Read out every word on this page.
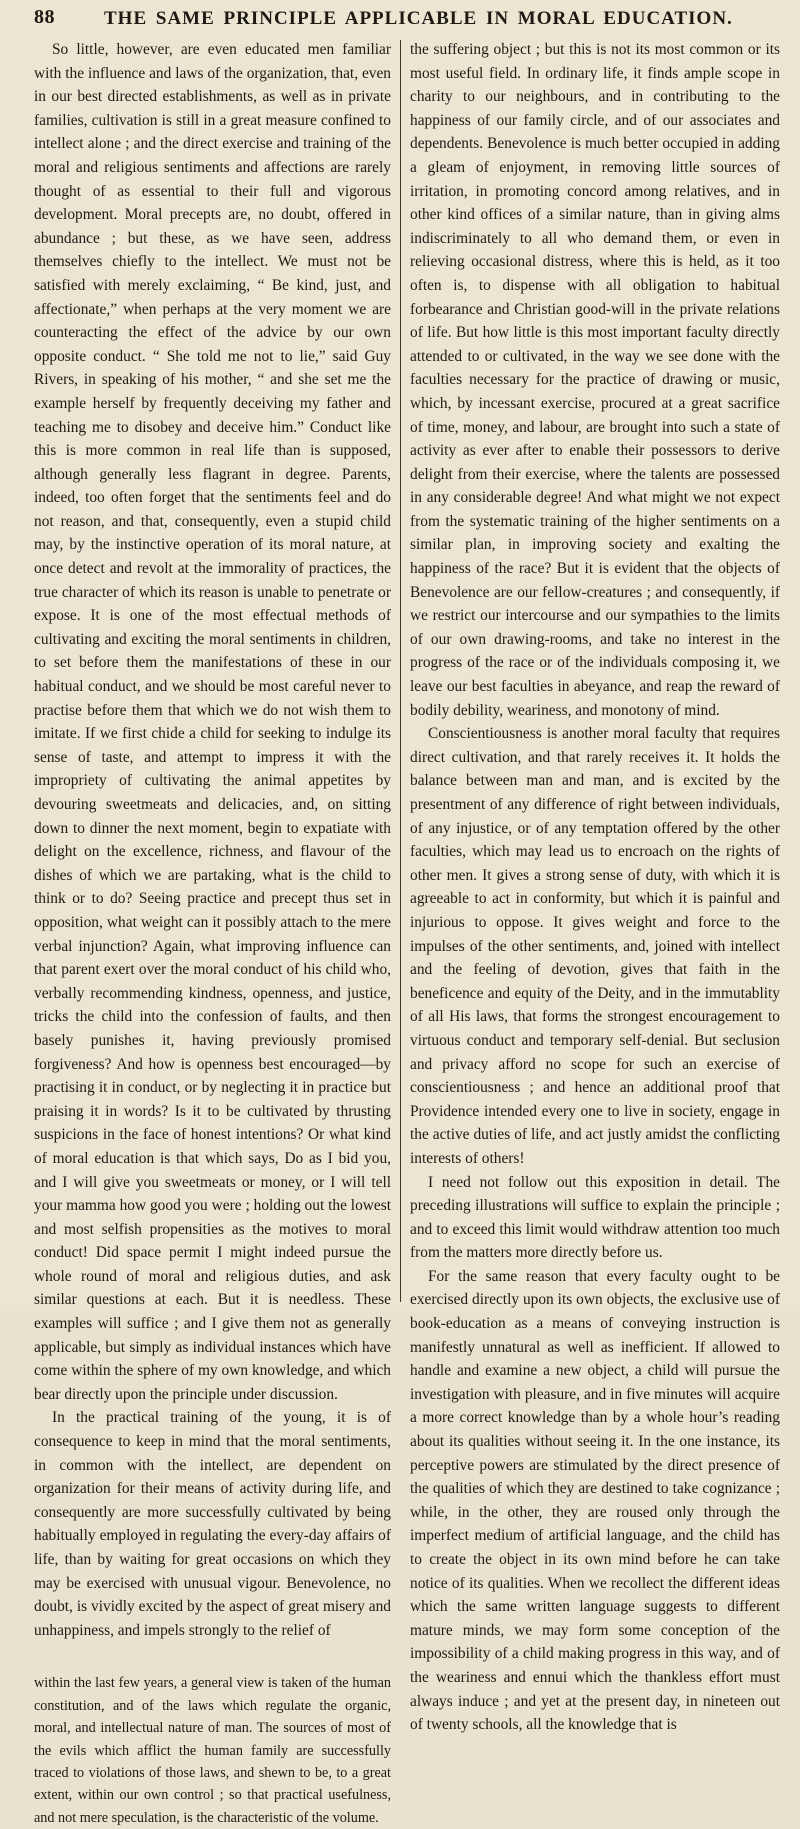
88	THE SAME PRINCIPLE APPLICABLE IN MORAL EDUCATION.

So little, however, are even educated men familiar with the influence and laws of the organization, that, even in our best directed establishments, as well as in private families, cultivation is still in a great measure confined to intellect alone ; and the direct exercise and training of the moral and religious sentiments and affections are rarely thought of as essential to their full and vigorous development. Moral precepts are, no doubt, offered in abundance ; but these, as we have seen, address themselves chiefly to the intellect. We must not be satisfied with merely exclaiming, “ Be kind, just, and affectionate,” when perhaps at the very moment we are counteracting the effect of the advice by our own opposite conduct. “ She told me not to lie,” said Guy Rivers, in speaking of his mother, “ and she set me the example herself by frequently deceiving my father and teaching me to disobey and deceive him.” Conduct like this is more common in real life than is supposed, although generally less flagrant in degree. Parents, indeed, too often forget that the sentiments feel and do not reason, and that, consequently, even a stupid child may, by the instinctive operation of its moral nature, at once detect and revolt at the immorality of practices, the true character of which its reason is unable to penetrate or expose. It is one of the most effectual methods of cultivating and exciting the moral sentiments in children, to set before them the manifestations of these in our habitual conduct, and we should be most careful never to practise before them that which we do not wish them to imitate. If we first chide a child for seeking to indulge its sense of taste, and attempt to impress it with the impropriety of cultivating the animal appetites by devouring sweetmeats and delicacies, and, on sitting down to dinner the next moment, begin to expatiate with delight on the excellence, richness, and flavour of the dishes of which we are partaking, what is the child to think or to do? Seeing practice and precept thus set in opposition, what weight can it possibly attach to the mere verbal injunction? Again, what improving influence can that parent exert over the moral conduct of his child who, verbally recommending kindness, openness, and justice, tricks the child into the confession of faults, and then basely punishes it, having previously promised forgiveness? And how is openness best encouraged—by practising it in conduct, or by neglecting it in practice but praising it in words? Is it to be cultivated by thrusting suspicions in the face of honest intentions? Or what kind of moral education is that which says, Do as I bid you, and I will give you sweetmeats or money, or I will tell your mamma how good you were ; holding out the lowest and most selfish propensities as the motives to moral conduct! Did space permit I might indeed pursue the whole round of moral and religious duties, and ask similar questions at each. But it is needless. These examples will suffice ; and I give them not as generally applicable, but simply as individual instances which have come within the sphere of my own knowledge, and which bear directly upon the principle under discussion.

In the practical training of the young, it is of consequence to keep in mind that the moral sentiments, in common with the intellect, are dependent on organization for their means of activity during life, and consequently are more successfully cultivated by being habitually employed in regulating the every-day affairs of life, than by waiting for great occasions on which they may be exercised with unusual vigour. Benevolence, no doubt, is vividly excited by the aspect of great misery and unhappiness, and impels strongly to the relief of

within the last few years, a general view is taken of the human constitution, and of the laws which regulate the organic, moral, and intellectual nature of man. The sources of most of the evils which afflict the human family are successfully traced to violations of those laws, and shewn to be, to a great extent, within our own control ; so that practical usefulness, and not mere speculation, is the characteristic of the volume.

the suffering object ; but this is not its most common or its most useful field. In ordinary life, it finds ample scope in charity to our neighbours, and in contributing to the happiness of our family circle, and of our associates and dependents. Benevolence is much better occupied in adding a gleam of enjoyment, in removing little sources of irritation, in promoting concord among relatives, and in other kind offices of a similar nature, than in giving alms indiscriminately to all who demand them, or even in relieving occasional distress, where this is held, as it too often is, to dispense with all obligation to habitual forbearance and Christian good-will in the private relations of life. But how little is this most important faculty directly attended to or cultivated, in the way we see done with the faculties necessary for the practice of drawing or music, which, by incessant exercise, procured at a great sacrifice of time, money, and labour, are brought into such a state of activity as ever after to enable their possessors to derive delight from their exercise, where the talents are possessed in any considerable degree! And what might we not expect from the systematic training of the higher sentiments on a similar plan, in improving society and exalting the happiness of the race? But it is evident that the objects of Benevolence are our fellow-creatures ; and consequently, if we restrict our intercourse and our sympathies to the limits of our own drawing-rooms, and take no interest in the progress of the race or of the individuals composing it, we leave our best faculties in abeyance, and reap the reward of bodily debility, weariness, and monotony of mind.

Conscientiousness is another moral faculty that requires direct cultivation, and that rarely receives it. It holds the balance between man and man, and is excited by the presentment of any difference of right between individuals, of any injustice, or of any temptation offered by the other faculties, which may lead us to encroach on the rights of other men. It gives a strong sense of duty, with which it is agreeable to act in conformity, but which it is painful and injurious to oppose. It gives weight and force to the impulses of the other sentiments, and, joined with intellect and the feeling of devotion, gives that faith in the beneficence and equity of the Deity, and in the immutablity of all His laws, that forms the strongest encouragement to virtuous conduct and temporary self-denial. But seclusion and privacy afford no scope for such an exercise of conscientiousness ; and hence an additional proof that Providence intended every one to live in society, engage in the active duties of life, and act justly amidst the conflicting interests of others!

I need not follow out this exposition in detail. The preceding illustrations will suffice to explain the principle ; and to exceed this limit would withdraw attention too much from the matters more directly before us.

For the same reason that every faculty ought to be exercised directly upon its own objects, the exclusive use of book-education as a means of conveying instruction is manifestly unnatural as well as inefficient. If allowed to handle and examine a new object, a child will pursue the investigation with pleasure, and in five minutes will acquire a more correct knowledge than by a whole hour’s reading about its qualities without seeing it. In the one instance, its perceptive powers are stimulated by the direct presence of the qualities of which they are destined to take cognizance ; while, in the other, they are roused only through the imperfect medium of artificial language, and the child has to create the object in its own mind before he can take notice of its qualities. When we recollect the different ideas which the same written language suggests to different mature minds, we may form some conception of the impossibility of a child making progress in this way, and of the weariness and ennui which the thankless effort must always induce ; and yet at the present day, in nineteen out of twenty schools, all the knowledge that is
